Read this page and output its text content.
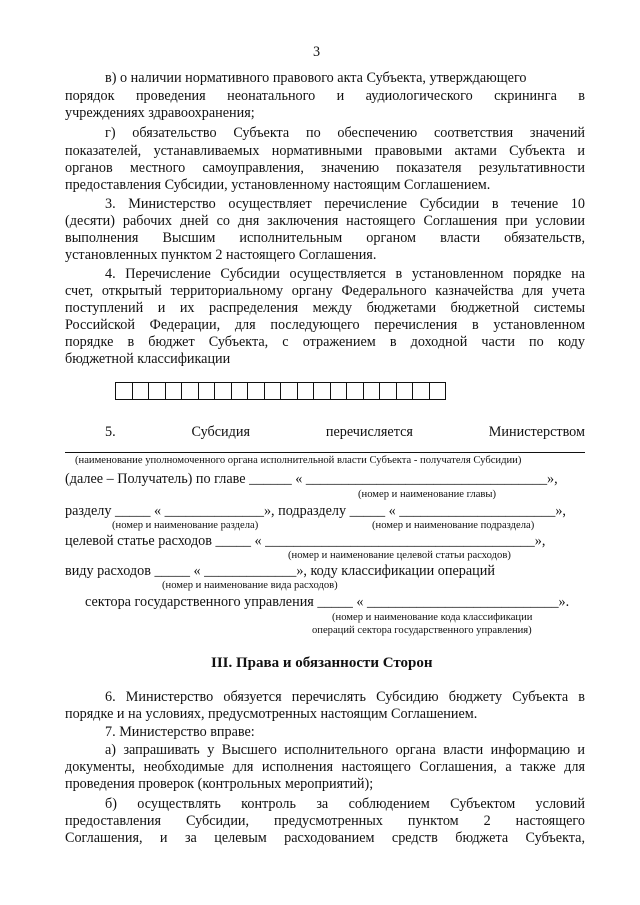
3
в) о наличии нормативного правового акта Субъекта, утверждающего
порядок проведения неонатального и аудиологического скрининга в
учреждениях здравоохранения;
г) обязательство Субъекта по обеспечению соответствия значений
показателей, устанавливаемых нормативными правовыми актами Субъекта и
органов местного самоуправления, значению показателя результативности
предоставления Субсидии, установленному настоящим Соглашением.
3. Министерство осуществляет перечисление Субсидии в течение 10
(десяти) рабочих дней со дня заключения настоящего Соглашения при условии
выполнения Высшим исполнительным органом власти обязательств,
установленных пунктом 2 настоящего Соглашения.
4. Перечисление Субсидии осуществляется в установленном порядке на
счет, открытый территориальному органу Федерального казначейства для учета
поступлений и их распределения между бюджетами бюджетной системы
Российской Федерации, для последующего перечисления в установленном
порядке в бюджет Субъекта, с отражением в доходной части по коду
бюджетной классификации
5.	Субсидия	перечисляется	Министерством
(наименование уполномоченного органа исполнительной власти Субъекта - получателя Субсидии)
(далее – Получатель) по главе ______ « __________________________________»,
(номер и наименование главы)
разделу _____ « ______________», подразделу _____ « ______________________»,
(номер и наименование раздела)	(номер и наименование подраздела)
целевой статье расходов _____ « ______________________________________»,
(номер и наименование целевой статьи расходов)
виду расходов _____ « _____________», коду классификации операций
(номер и наименование вида расходов)
сектора государственного управления _____ « ___________________________».
(номер и наименование кода классификации
операций сектора государственного управления)
III. Права и обязанности Сторон
6. Министерство обязуется перечислять Субсидию бюджету Субъекта в
порядке и на условиях, предусмотренных настоящим Соглашением.
7. Министерство вправе:
а) запрашивать у Высшего исполнительного органа власти информацию и
документы, необходимые для исполнения настоящего Соглашения, а также для
проведения проверок (контрольных мероприятий);
б) осуществлять контроль за соблюдением Субъектом условий
предоставления Субсидии, предусмотренных пунктом 2 настоящего
Соглашения, и за целевым расходованием средств бюджета Субъекта,
